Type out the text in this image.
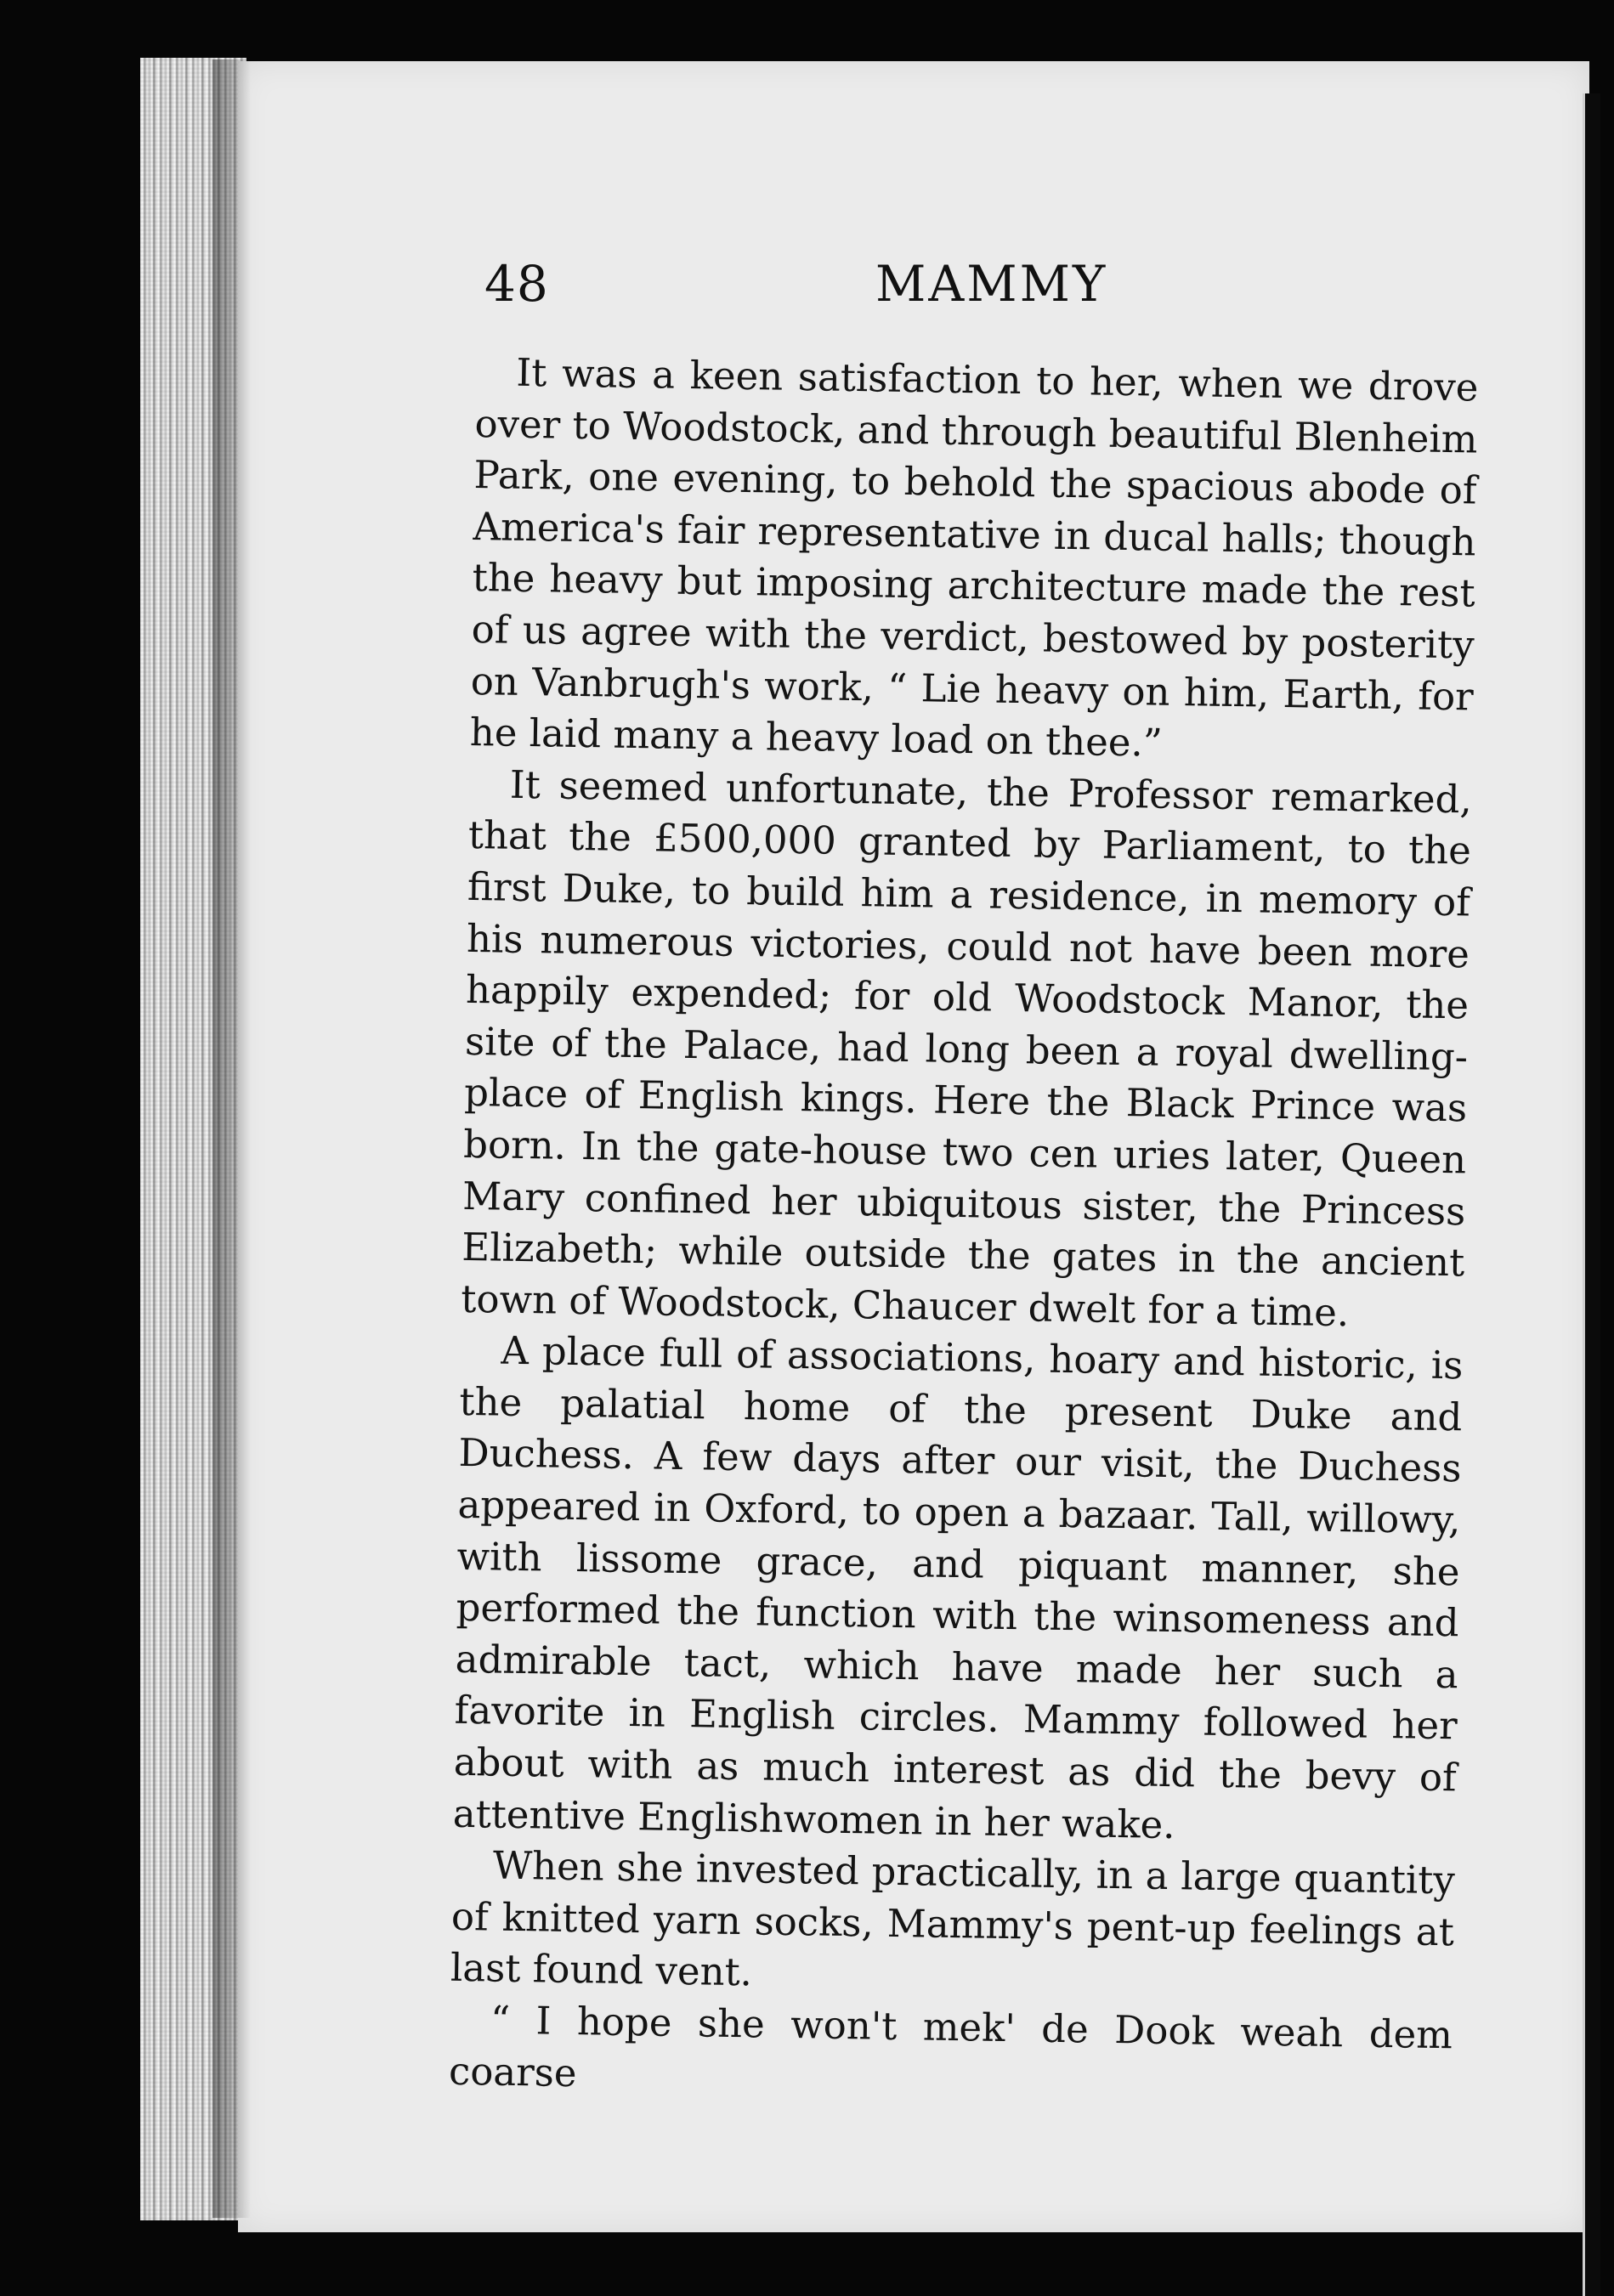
48	MAMMY

It was a keen satisfaction to her, when we drove over to Woodstock, and through beautiful Blenheim Park, one evening, to behold the spacious abode of America's fair representative in ducal halls; though the heavy but imposing architecture made the rest of us agree with the verdict, bestowed by posterity on Vanbrugh's work, “ Lie heavy on him, Earth, for he laid many a heavy load on thee.”

It seemed unfortunate, the Professor remarked, that the £500,000 granted by Parliament, to the first Duke, to build him a residence, in memory of his numerous victories, could not have been more happily expended; for old Woodstock Manor, the site of the Palace, had long been a royal dwelling-place of English kings. Here the Black Prince was born. In the gate-house two cen uries later, Queen Mary confined her ubiquitous sister, the Princess Elizabeth; while outside the gates in the ancient town of Woodstock, Chaucer dwelt for a time.

A place full of associations, hoary and historic, is the palatial home of the present Duke and Duchess. A few days after our visit, the Duchess appeared in Oxford, to open a bazaar. Tall, willowy, with lissome grace, and piquant manner, she performed the function with the winsomeness and admirable tact, which have made her such a favorite in English circles. Mammy followed her about with as much interest as did the bevy of attentive Englishwomen in her wake.

When she invested practically, in a large quantity of knitted yarn socks, Mammy's pent-up feelings at last found vent.

“ I hope she won't mek' de Dook weah dem coarse
